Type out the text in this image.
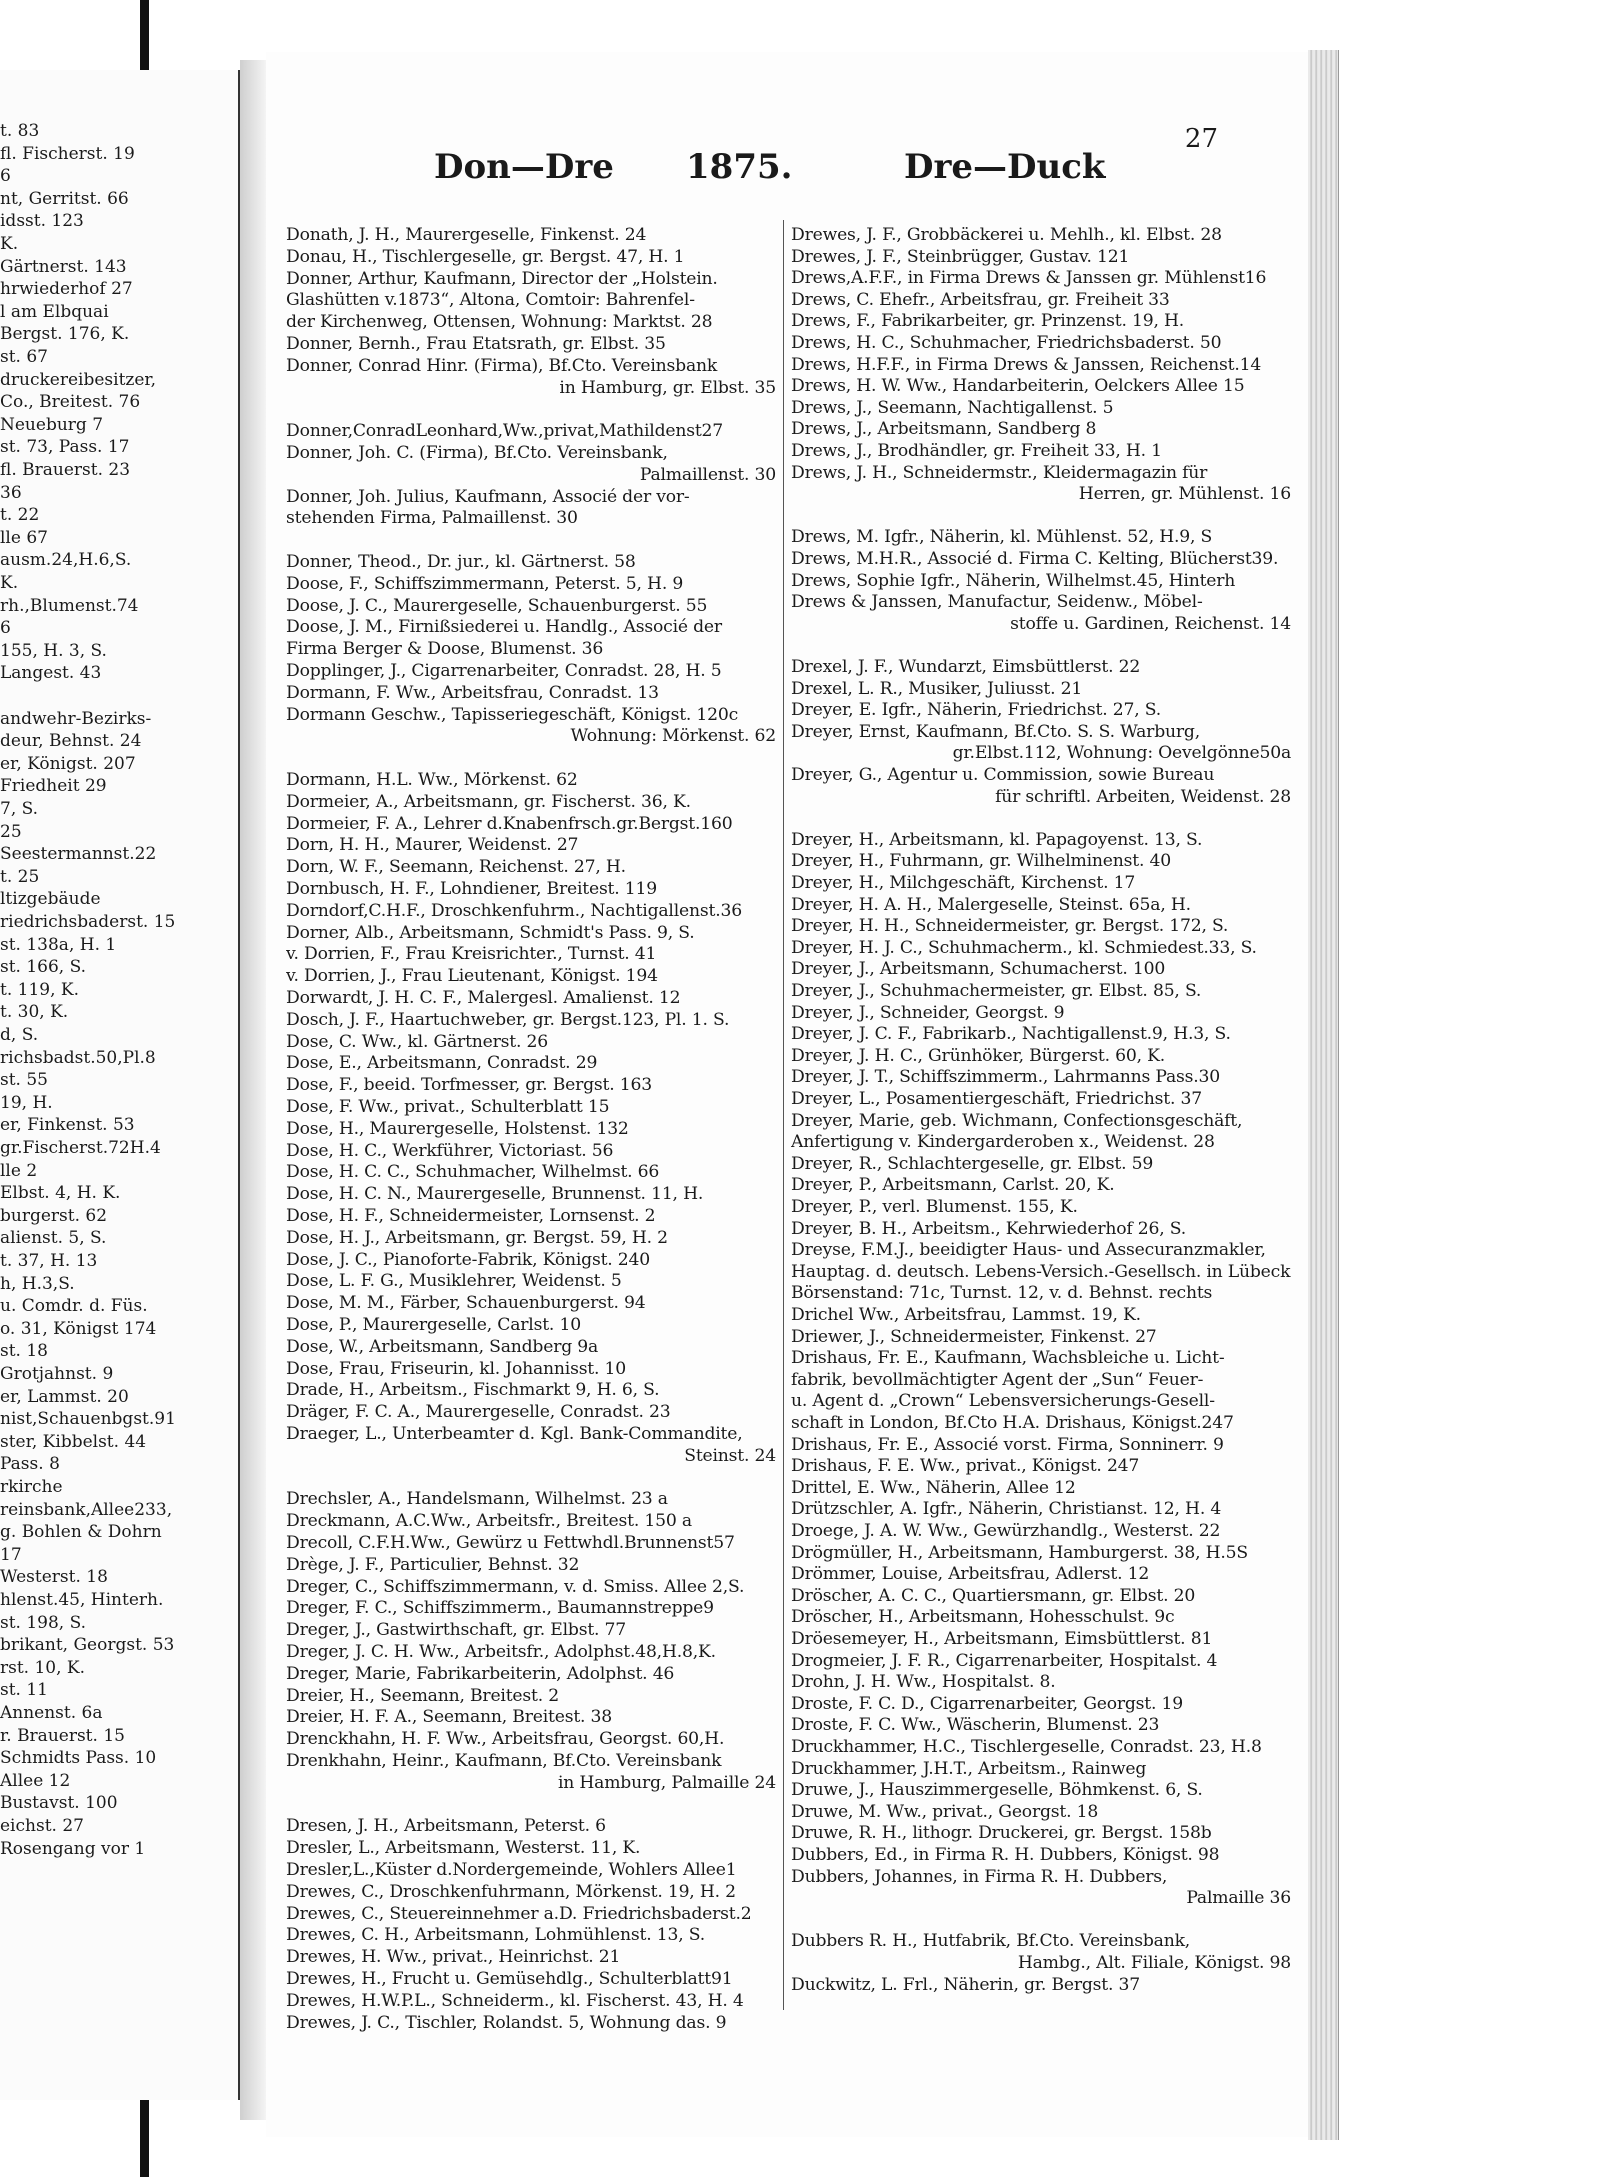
t. 83
fl. Fischerst. 19
6
nt, Gerritst. 66
idsst. 123
K.
Gärtnerst. 143
hrwiederhof 27
l am Elbquai
Bergst. 176, K.
st. 67
druckereibesitzer,
Co., Breitest. 76
Neueburg 7
st. 73, Pass. 17
fl. Brauerst. 23
36
t. 22
lle 67
ausm.24,H.6,S.
K.
rh.,Blumenst.74
6
155, H. 3, S.
Langest. 43
andwehr-Bezirks-
deur, Behnst. 24
er, Königst. 207
Friedheit 29
7, S.
25
Seestermannst.22
t. 25
ltizgebäude
riedrichsbaderst. 15
st. 138a, H. 1
st. 166, S.
t. 119, K.
t. 30, K.
d, S.
richsbadst.50,Pl.8
st. 55
19, H.
er, Finkenst. 53
gr.Fischerst.72H.4
lle 2
Elbst. 4, H. K.
burgerst. 62
alienst. 5, S.
t. 37, H. 13
h, H.3,S.
u. Comdr. d. Füs.
o. 31, Königst 174
st. 18
Grotjahnst. 9
er, Lammst. 20
nist,Schauenbgst.91
ster, Kibbelst. 44
Pass. 8
rkirche
reinsbank,Allee233,
g. Bohlen & Dohrn
17
Westerst. 18
hlenst.45, Hinterh.
st. 198, S.
brikant, Georgst. 53
rst. 10, K.
st. 11
Annenst. 6a
r. Brauerst. 15
Schmidts Pass. 10
Allee 12
Bustavst. 100
eichst. 27
Rosengang vor 1
Don—Dre 1875.	Dre—Duck
27
Donath, J. H., Maurergeselle, Finkenst. 24
Donau, H., Tischlergeselle, gr. Bergst. 47, H. 1
Donner, Arthur, Kaufmann, Director der „Holstein.
Glashütten v.1873“, Altona, Comtoir: Bahrenfel-
der Kirchenweg, Ottensen, Wohnung: Marktst. 28
Donner, Bernh., Frau Etatsrath, gr. Elbst. 35
Donner, Conrad Hinr. (Firma), Bf.Cto. Vereinsbank
in Hamburg, gr. Elbst. 35
Donner,ConradLeonhard,Ww.,privat,Mathildenst27
Donner, Joh. C. (Firma), Bf.Cto. Vereinsbank,
Palmaillenst. 30
Donner, Joh. Julius, Kaufmann, Associé der vor-
stehenden Firma, Palmaillenst. 30
Donner, Theod., Dr. jur., kl. Gärtnerst. 58
Doose, F., Schiffszimmermann, Peterst. 5, H. 9
Doose, J. C., Maurergeselle, Schauenburgerst. 55
Doose, J. M., Firnißsiederei u. Handlg., Associé der
Firma Berger & Doose, Blumenst. 36
Dopplinger, J., Cigarrenarbeiter, Conradst. 28, H. 5
Dormann, F. Ww., Arbeitsfrau, Conradst. 13
Dormann Geschw., Tapisseriegeschäft, Königst. 120c
Wohnung: Mörkenst. 62
Dormann, H.L. Ww., Mörkenst. 62
Dormeier, A., Arbeitsmann, gr. Fischerst. 36, K.
Dormeier, F. A., Lehrer d.Knabenfrsch.gr.Bergst.160
Dorn, H. H., Maurer, Weidenst. 27
Dorn, W. F., Seemann, Reichenst. 27, H.
Dornbusch, H. F., Lohndiener, Breitest. 119
Dorndorf,C.H.F., Droschkenfuhrm., Nachtigallenst.36
Dorner, Alb., Arbeitsmann, Schmidt's Pass. 9, S.
v. Dorrien, F., Frau Kreisrichter., Turnst. 41
v. Dorrien, J., Frau Lieutenant, Königst. 194
Dorwardt, J. H. C. F., Malergesl. Amalienst. 12
Dosch, J. F., Haartuchweber, gr. Bergst.123, Pl. 1. S.
Dose, C. Ww., kl. Gärtnerst. 26
Dose, E., Arbeitsmann, Conradst. 29
Dose, F., beeid. Torfmesser, gr. Bergst. 163
Dose, F. Ww., privat., Schulterblatt 15
Dose, H., Maurergeselle, Holstenst. 132
Dose, H. C., Werkführer, Victoriast. 56
Dose, H. C. C., Schuhmacher, Wilhelmst. 66
Dose, H. C. N., Maurergeselle, Brunnenst. 11, H.
Dose, H. F., Schneidermeister, Lornsenst. 2
Dose, H. J., Arbeitsmann, gr. Bergst. 59, H. 2
Dose, J. C., Pianoforte-Fabrik, Königst. 240
Dose, L. F. G., Musiklehrer, Weidenst. 5
Dose, M. M., Färber, Schauenburgerst. 94
Dose, P., Maurergeselle, Carlst. 10
Dose, W., Arbeitsmann, Sandberg 9a
Dose, Frau, Friseurin, kl. Johannisst. 10
Drade, H., Arbeitsm., Fischmarkt 9, H. 6, S.
Dräger, F. C. A., Maurergeselle, Conradst. 23
Draeger, L., Unterbeamter d. Kgl. Bank-Commandite,
Steinst. 24
Drechsler, A., Handelsmann, Wilhelmst. 23 a
Dreckmann, A.C.Ww., Arbeitsfr., Breitest. 150 a
Drecoll, C.F.H.Ww., Gewürz u Fettwhdl.Brunnenst57
Drège, J. F., Particulier, Behnst. 32
Dreger, C., Schiffszimmermann, v. d. Smiss. Allee 2,S.
Dreger, F. C., Schiffszimmerm., Baumannstreppe9
Dreger, J., Gastwirthschaft, gr. Elbst. 77
Dreger, J. C. H. Ww., Arbeitsfr., Adolphst.48,H.8,K.
Dreger, Marie, Fabrikarbeiterin, Adolphst. 46
Dreier, H., Seemann, Breitest. 2
Dreier, H. F. A., Seemann, Breitest. 38
Drenckhahn, H. F. Ww., Arbeitsfrau, Georgst. 60,H.
Drenkhahn, Heinr., Kaufmann, Bf.Cto. Vereinsbank
in Hamburg, Palmaille 24
Dresen, J. H., Arbeitsmann, Peterst. 6
Dresler, L., Arbeitsmann, Westerst. 11, K.
Dresler,L.,Küster d.Nordergemeinde, Wohlers Allee1
Drewes, C., Droschkenfuhrmann, Mörkenst. 19, H. 2
Drewes, C., Steuereinnehmer a.D. Friedrichsbaderst.2
Drewes, C. H., Arbeitsmann, Lohmühlenst. 13, S.
Drewes, H. Ww., privat., Heinrichst. 21
Drewes, H., Frucht u. Gemüsehdlg., Schulterblatt91
Drewes, H.W.P.L., Schneiderm., kl. Fischerst. 43, H. 4
Drewes, J. C., Tischler, Rolandst. 5, Wohnung das. 9
Drewes, J. F., Grobbäckerei u. Mehlh., kl. Elbst. 28
Drewes, J. F., Steinbrügger, Gustav. 121
Drews,A.F.F., in Firma Drews & Janssen gr. Mühlenst16
Drews, C. Ehefr., Arbeitsfrau, gr. Freiheit 33
Drews, F., Fabrikarbeiter, gr. Prinzenst. 19, H.
Drews, H. C., Schuhmacher, Friedrichsbaderst. 50
Drews, H.F.F., in Firma Drews & Janssen, Reichenst.14
Drews, H. W. Ww., Handarbeiterin, Oelckers Allee 15
Drews, J., Seemann, Nachtigallenst. 5
Drews, J., Arbeitsmann, Sandberg 8
Drews, J., Brodhändler, gr. Freiheit 33, H. 1
Drews, J. H., Schneidermstr., Kleidermagazin für
Herren, gr. Mühlenst. 16
Drews, M. Igfr., Näherin, kl. Mühlenst. 52, H.9, S
Drews, M.H.R., Associé d. Firma C. Kelting, Blücherst39.
Drews, Sophie Igfr., Näherin, Wilhelmst.45, Hinterh
Drews & Janssen, Manufactur, Seidenw., Möbel-
stoffe u. Gardinen, Reichenst. 14
Drexel, J. F., Wundarzt, Eimsbüttlerst. 22
Drexel, L. R., Musiker, Juliusst. 21
Dreyer, E. Igfr., Näherin, Friedrichst. 27, S.
Dreyer, Ernst, Kaufmann, Bf.Cto. S. S. Warburg,
gr.Elbst.112, Wohnung: Oevelgönne50a
Dreyer, G., Agentur u. Commission, sowie Bureau
für schriftl. Arbeiten, Weidenst. 28
Dreyer, H., Arbeitsmann, kl. Papagoyenst. 13, S.
Dreyer, H., Fuhrmann, gr. Wilhelminenst. 40
Dreyer, H., Milchgeschäft, Kirchenst. 17
Dreyer, H. A. H., Malergeselle, Steinst. 65a, H.
Dreyer, H. H., Schneidermeister, gr. Bergst. 172, S.
Dreyer, H. J. C., Schuhmacherm., kl. Schmiedest.33, S.
Dreyer, J., Arbeitsmann, Schumacherst. 100
Dreyer, J., Schuhmachermeister, gr. Elbst. 85, S.
Dreyer, J., Schneider, Georgst. 9
Dreyer, J. C. F., Fabrikarb., Nachtigallenst.9, H.3, S.
Dreyer, J. H. C., Grünhöker, Bürgerst. 60, K.
Dreyer, J. T., Schiffszimmerm., Lahrmanns Pass.30
Dreyer, L., Posamentiergeschäft, Friedrichst. 37
Dreyer, Marie, geb. Wichmann, Confectionsgeschäft,
Anfertigung v. Kindergarderoben x., Weidenst. 28
Dreyer, R., Schlachtergeselle, gr. Elbst. 59
Dreyer, P., Arbeitsmann, Carlst. 20, K.
Dreyer, P., verl. Blumenst. 155, K.
Dreyer, B. H., Arbeitsm., Kehrwiederhof 26, S.
Dreyse, F.M.J., beeidigter Haus- und Assecuranzmakler,
Hauptag. d. deutsch. Lebens-Versich.-Gesellsch. in Lübeck
Börsenstand: 71c, Turnst. 12, v. d. Behnst. rechts
Drichel Ww., Arbeitsfrau, Lammst. 19, K.
Driewer, J., Schneidermeister, Finkenst. 27
Drishaus, Fr. E., Kaufmann, Wachsbleiche u. Licht-
fabrik, bevollmächtigter Agent der „Sun“ Feuer-
u. Agent d. „Crown“ Lebensversicherungs-Gesell-
schaft in London, Bf.Cto H.A. Drishaus, Königst.247
Drishaus, Fr. E., Associé vorst. Firma, Sonninerr. 9
Drishaus, F. E. Ww., privat., Königst. 247
Drittel, E. Ww., Näherin, Allee 12
Drützschler, A. Igfr., Näherin, Christianst. 12, H. 4
Droege, J. A. W. Ww., Gewürzhandlg., Westerst. 22
Drögmüller, H., Arbeitsmann, Hamburgerst. 38, H.5S
Drömmer, Louise, Arbeitsfrau, Adlerst. 12
Dröscher, A. C. C., Quartiersmann, gr. Elbst. 20
Dröscher, H., Arbeitsmann, Hohesschulst. 9c
Dröesemeyer, H., Arbeitsmann, Eimsbüttlerst. 81
Drogmeier, J. F. R., Cigarrenarbeiter, Hospitalst. 4
Drohn, J. H. Ww., Hospitalst. 8.
Droste, F. C. D., Cigarrenarbeiter, Georgst. 19
Droste, F. C. Ww., Wäscherin, Blumenst. 23
Druckhammer, H.C., Tischlergeselle, Conradst. 23, H.8
Druckhammer, J.H.T., Arbeitsm., Rainweg
Druwe, J., Hauszimmergeselle, Böhmkenst. 6, S.
Druwe, M. Ww., privat., Georgst. 18
Druwe, R. H., lithogr. Druckerei, gr. Bergst. 158b
Dubbers, Ed., in Firma R. H. Dubbers, Königst. 98
Dubbers, Johannes, in Firma R. H. Dubbers,
Palmaille 36
Dubbers R. H., Hutfabrik, Bf.Cto. Vereinsbank,
Hambg., Alt. Filiale, Königst. 98
Duckwitz, L. Frl., Näherin, gr. Bergst. 37
